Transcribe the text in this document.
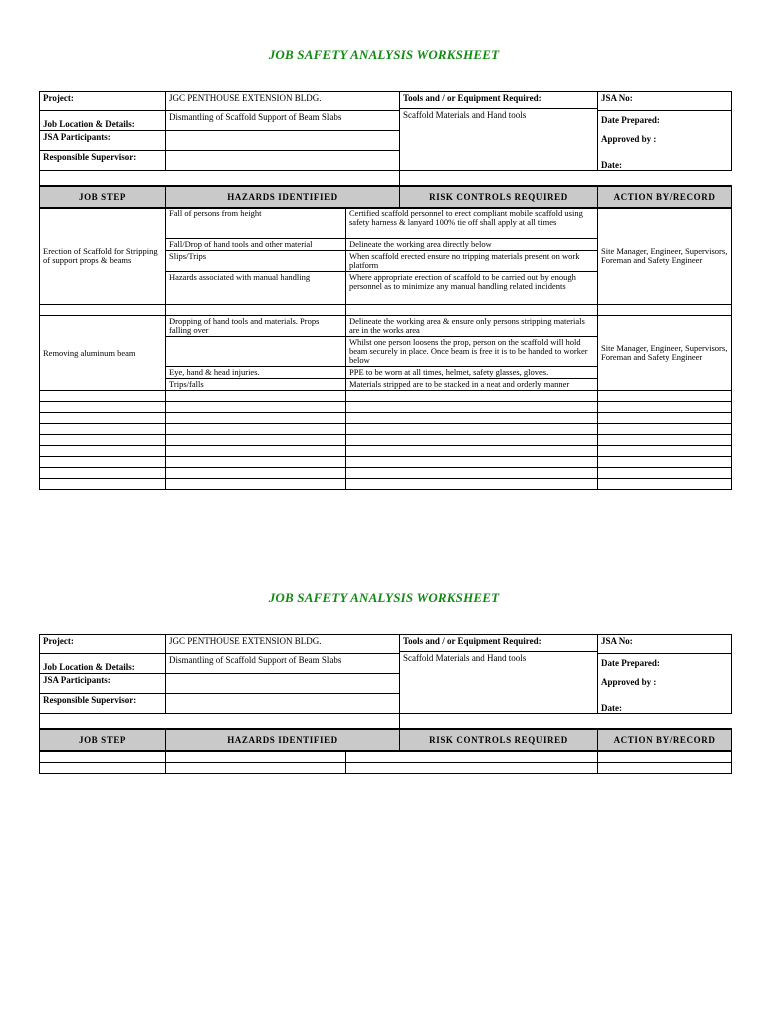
JOB SAFETY ANALYSIS WORKSHEET
Project:	JGC PENTHOUSE EXTENSION BLDG.	Tools and / or Equipment Required:
Scaffold Materials and Hand tools	JSA No:
Job Location & Details:	Dismantling of Scaffold Support of Beam Slabs		Date Prepared:
Approved by :
Date:

JSA Participants:			
Responsible Supervisor:			

JOB STEP	HAZARDS IDENTIFIED	RISK CONTROLS REQUIRED	ACTION BY/RECORD
Erection of Scaffold for Stripping of support props & beams	Fall of persons from height	Certified scaffold personnel to erect compliant mobile scaffold using safety harness & lanyard 100% tie off shall apply at all times	Site Manager, Engineer, Supervisors, Foreman and Safety Engineer
	Fall/Drop of hand tools and other material	Delineate the working area directly below	
	Slips/Trips	When scaffold erected ensure no tripping materials present on work platform	
	Hazards associated with manual handling	Where appropriate erection of scaffold to be carried out by enough personnel as to minimize any manual handling related incidents	

Removing aluminum beam	Dropping of hand tools and materials. Props falling over	Delineate the working area & ensure only persons stripping materials are in the works area	Site Manager, Engineer, Supervisors, Foreman and Safety Engineer
		Whilst one person loosens the prop, person on the scaffold will hold beam securely in place. Once beam is free it is to be handed to worker below	
	Eye, hand & head injuries.	PPE to be worn at all times, helmet, safety glasses, gloves.	
	Trips/falls	Materials stripped are to be stacked in a neat and orderly manner	

JOB SAFETY ANALYSIS WORKSHEET
Project:	JGC PENTHOUSE EXTENSION BLDG.	Tools and / or Equipment Required:
Scaffold Materials and Hand tools	JSA No:
Job Location & Details:	Dismantling of Scaffold Support of Beam Slabs		Date Prepared:
Approved by :
Date:

JSA Participants:			
Responsible Supervisor:			

JOB STEP	HAZARDS IDENTIFIED	RISK CONTROLS REQUIRED	ACTION BY/RECORD
